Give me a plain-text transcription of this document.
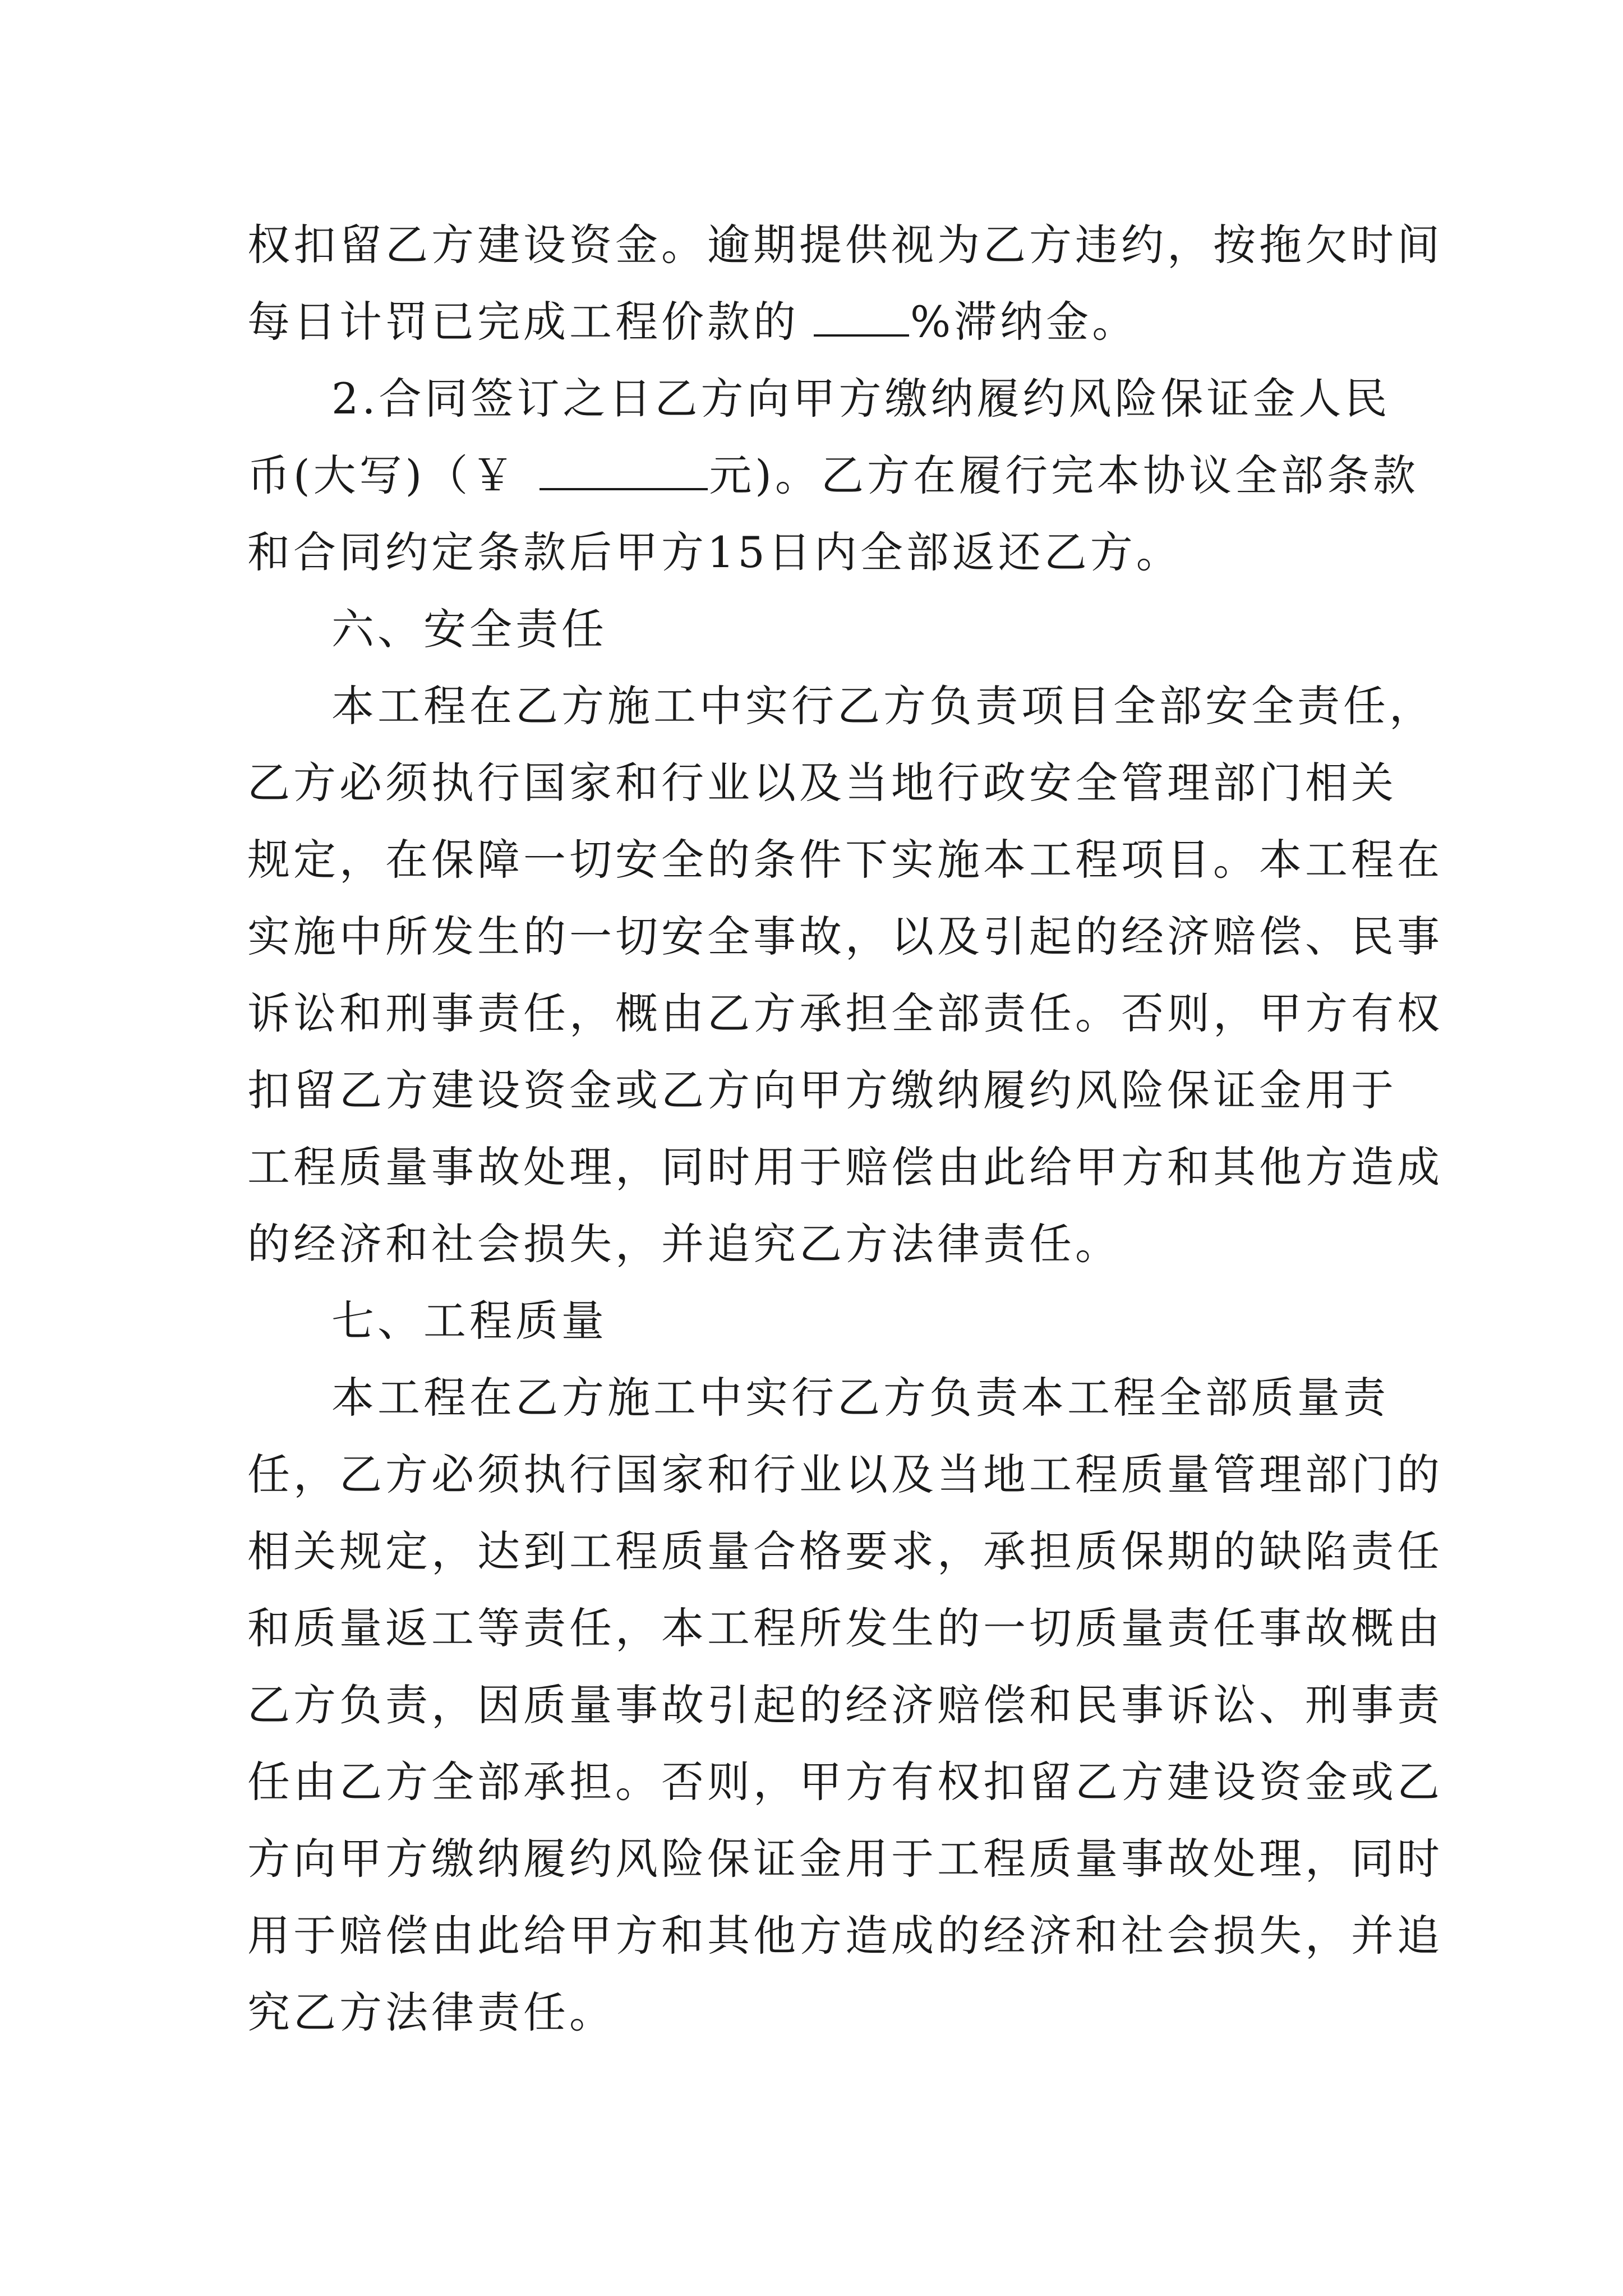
权扣留乙方建设资金。逾期提供视为乙方违约，按拖欠时间
每日计罚已完成工程价款的	%滞纳金。
2.合同签订之日乙方向甲方缴纳履约风险保证金人民
币(大写)（￥	元)。乙方在履行完本协议全部条款
和合同约定条款后甲方15日内全部返还乙方。
六、安全责任
本工程在乙方施工中实行乙方负责项目全部安全责任，
乙方必须执行国家和行业以及当地行政安全管理部门相关
规定，在保障一切安全的条件下实施本工程项目。本工程在
实施中所发生的一切安全事故，以及引起的经济赔偿、民事
诉讼和刑事责任，概由乙方承担全部责任。否则，甲方有权
扣留乙方建设资金或乙方向甲方缴纳履约风险保证金用于
工程质量事故处理，同时用于赔偿由此给甲方和其他方造成
的经济和社会损失，并追究乙方法律责任。
七、工程质量
本工程在乙方施工中实行乙方负责本工程全部质量责
任，乙方必须执行国家和行业以及当地工程质量管理部门的
相关规定，达到工程质量合格要求，承担质保期的缺陷责任
和质量返工等责任，本工程所发生的一切质量责任事故概由
乙方负责，因质量事故引起的经济赔偿和民事诉讼、刑事责
任由乙方全部承担。否则，甲方有权扣留乙方建设资金或乙
方向甲方缴纳履约风险保证金用于工程质量事故处理，同时
用于赔偿由此给甲方和其他方造成的经济和社会损失，并追
究乙方法律责任。
